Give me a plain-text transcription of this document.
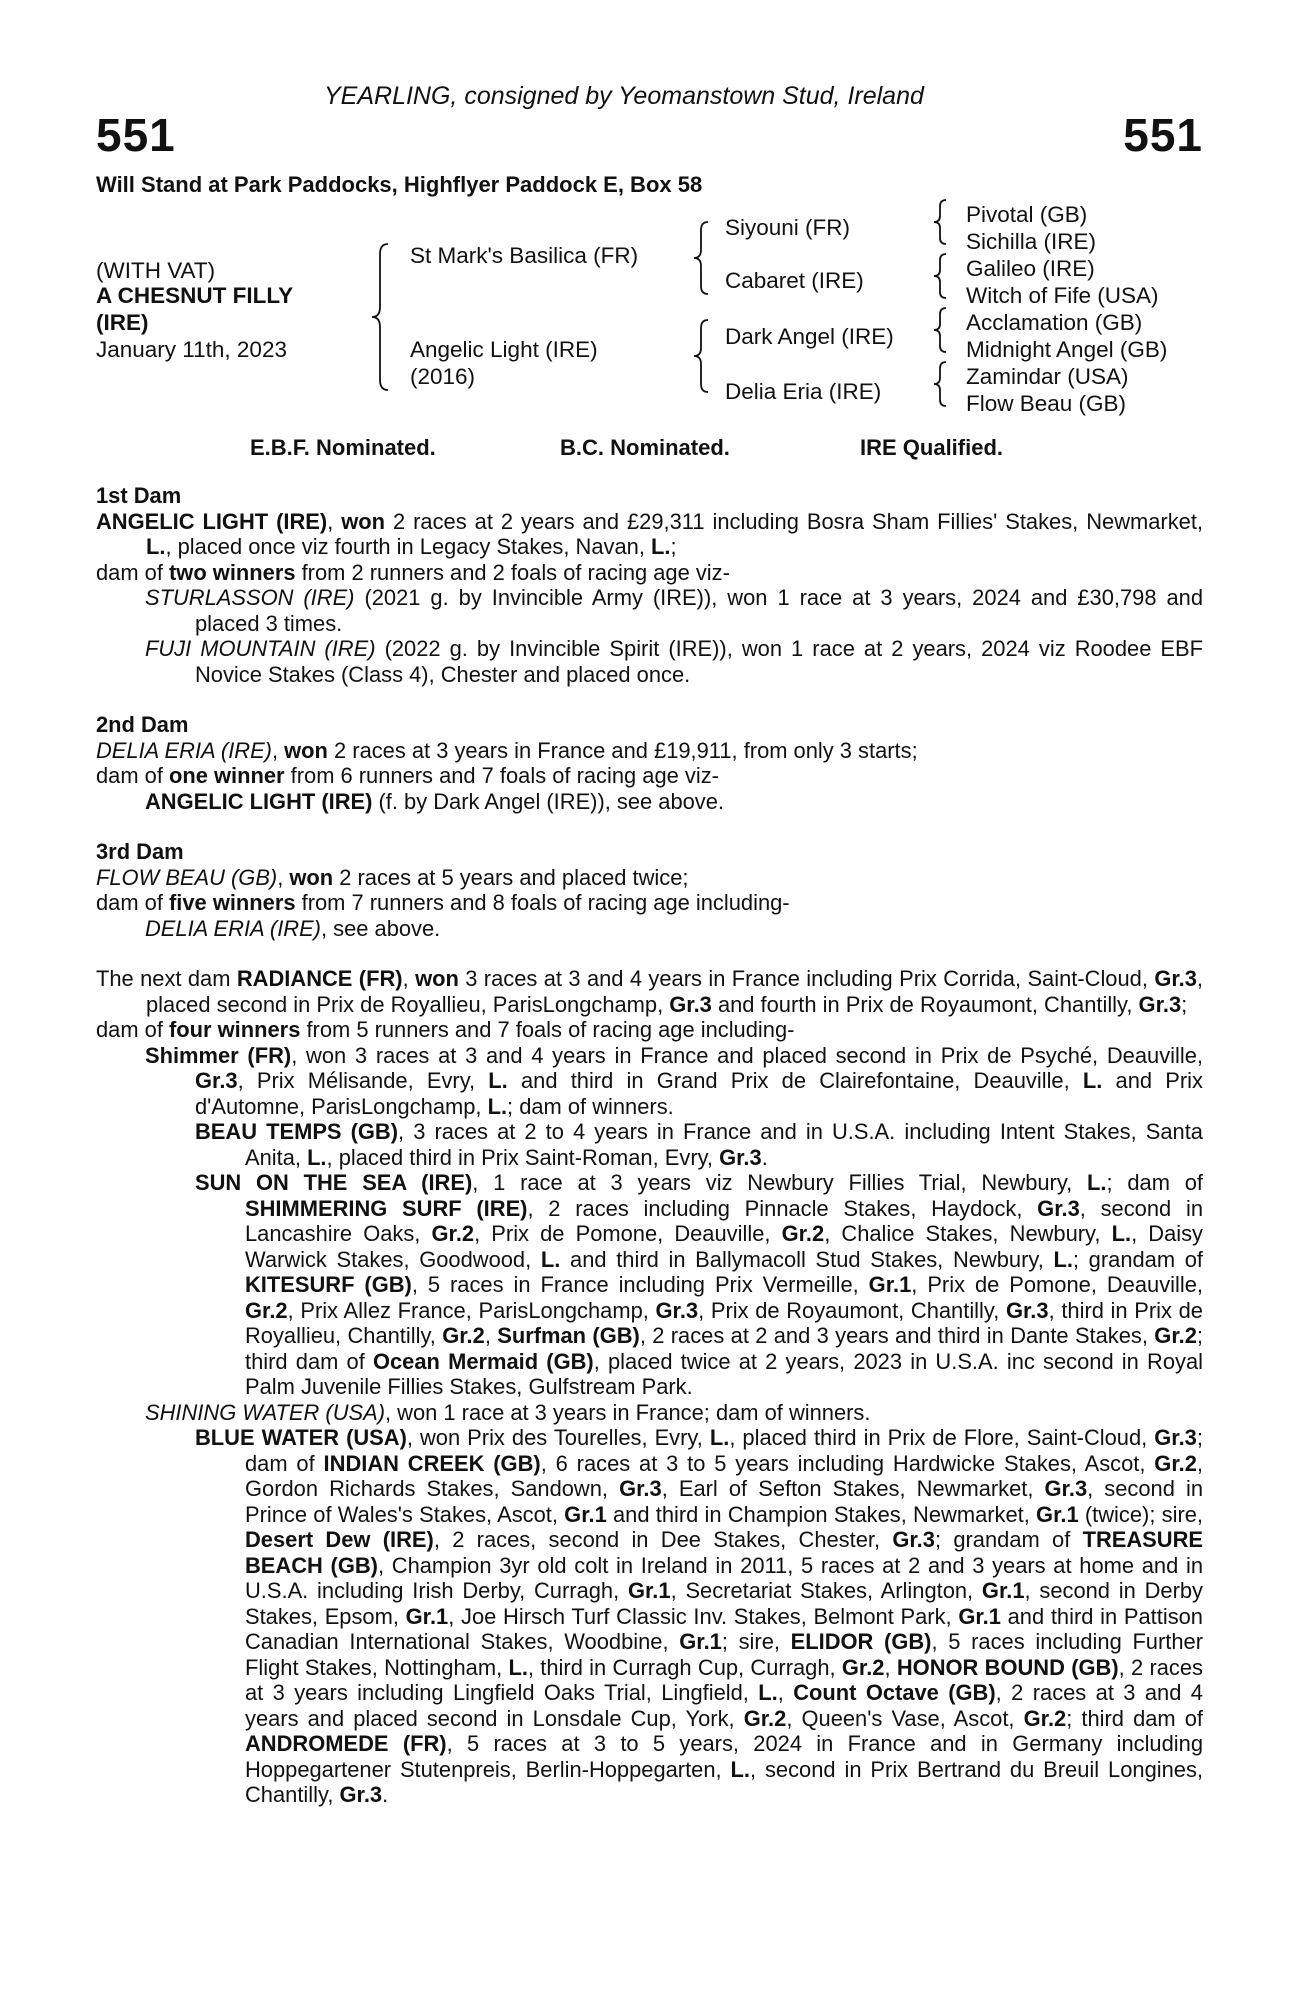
YEARLING, consigned by Yeomanstown Stud, Ireland
551	551
Will Stand at Park Paddocks, Highflyer Paddock E, Box 58
(WITH VAT)
A CHESNUT FILLY
(IRE)
January 11th, 2023
St Mark's Basilica (FR)
Angelic Light (IRE)
(2016)
Siyouni (FR)
Cabaret (IRE)
Dark Angel (IRE)
Delia Eria (IRE)
Pivotal (GB)
Sichilla (IRE)
Galileo (IRE)
Witch of Fife (USA)
Acclamation (GB)
Midnight Angel (GB)
Zamindar (USA)
Flow Beau (GB)
E.B.F. Nominated.	B.C. Nominated.	IRE Qualified.

1st Dam

ANGELIC LIGHT (IRE), won 2 races at 2 years and £29,311 including Bosra Sham Fillies' Stakes, Newmarket, L., placed once viz fourth in Legacy Stakes, Navan, L.;

dam of two winners from 2 runners and 2 foals of racing age viz-

STURLASSON (IRE) (2021 g. by Invincible Army (IRE)), won 1 race at 3 years, 2024 and £30,798 and placed 3 times.

FUJI MOUNTAIN (IRE) (2022 g. by Invincible Spirit (IRE)), won 1 race at 2 years, 2024 viz Roodee EBF Novice Stakes (Class 4), Chester and placed once.

2nd Dam

DELIA ERIA (IRE), won 2 races at 3 years in France and £19,911, from only 3 starts;

dam of one winner from 6 runners and 7 foals of racing age viz-

ANGELIC LIGHT (IRE) (f. by Dark Angel (IRE)), see above.

3rd Dam

FLOW BEAU (GB), won 2 races at 5 years and placed twice;

dam of five winners from 7 runners and 8 foals of racing age including-

DELIA ERIA (IRE), see above.

The next dam RADIANCE (FR), won 3 races at 3 and 4 years in France including Prix Corrida, Saint-Cloud, Gr.3, placed second in Prix de Royallieu, ParisLongchamp, Gr.3 and fourth in Prix de Royaumont, Chantilly, Gr.3;

dam of four winners from 5 runners and 7 foals of racing age including-

Shimmer (FR), won 3 races at 3 and 4 years in France and placed second in Prix de Psyché, Deauville, Gr.3, Prix Mélisande, Evry, L. and third in Grand Prix de Clairefontaine, Deauville, L. and Prix d'Automne, ParisLongchamp, L.; dam of winners.

BEAU TEMPS (GB), 3 races at 2 to 4 years in France and in U.S.A. including Intent Stakes, Santa Anita, L., placed third in Prix Saint-Roman, Evry, Gr.3.

SUN ON THE SEA (IRE), 1 race at 3 years viz Newbury Fillies Trial, Newbury, L.; dam of SHIMMERING SURF (IRE), 2 races including Pinnacle Stakes, Haydock, Gr.3, second in Lancashire Oaks, Gr.2, Prix de Pomone, Deauville, Gr.2, Chalice Stakes, Newbury, L., Daisy Warwick Stakes, Goodwood, L. and third in Ballymacoll Stud Stakes, Newbury, L.; grandam of KITESURF (GB), 5 races in France including Prix Vermeille, Gr.1, Prix de Pomone, Deauville, Gr.2, Prix Allez France, ParisLongchamp, Gr.3, Prix de Royaumont, Chantilly, Gr.3, third in Prix de Royallieu, Chantilly, Gr.2, Surfman (GB), 2 races at 2 and 3 years and third in Dante Stakes, Gr.2; third dam of Ocean Mermaid (GB), placed twice at 2 years, 2023 in U.S.A. inc second in Royal Palm Juvenile Fillies Stakes, Gulfstream Park.

SHINING WATER (USA), won 1 race at 3 years in France; dam of winners.

BLUE WATER (USA), won Prix des Tourelles, Evry, L., placed third in Prix de Flore, Saint-Cloud, Gr.3; dam of INDIAN CREEK (GB), 6 races at 3 to 5 years including Hardwicke Stakes, Ascot, Gr.2, Gordon Richards Stakes, Sandown, Gr.3, Earl of Sefton Stakes, Newmarket, Gr.3, second in Prince of Wales's Stakes, Ascot, Gr.1 and third in Champion Stakes, Newmarket, Gr.1 (twice); sire, Desert Dew (IRE), 2 races, second in Dee Stakes, Chester, Gr.3; grandam of TREASURE BEACH (GB), Champion 3yr old colt in Ireland in 2011, 5 races at 2 and 3 years at home and in U.S.A. including Irish Derby, Curragh, Gr.1, Secretariat Stakes, Arlington, Gr.1, second in Derby Stakes, Epsom, Gr.1, Joe Hirsch Turf Classic Inv. Stakes, Belmont Park, Gr.1 and third in Pattison Canadian International Stakes, Woodbine, Gr.1; sire, ELIDOR (GB), 5 races including Further Flight Stakes, Nottingham, L., third in Curragh Cup, Curragh, Gr.2, HONOR BOUND (GB), 2 races at 3 years including Lingfield Oaks Trial, Lingfield, L., Count Octave (GB), 2 races at 3 and 4 years and placed second in Lonsdale Cup, York, Gr.2, Queen's Vase, Ascot, Gr.2; third dam of ANDROMEDE (FR), 5 races at 3 to 5 years, 2024 in France and in Germany including Hoppegartener Stutenpreis, Berlin-Hoppegarten, L., second in Prix Bertrand du Breuil Longines, Chantilly, Gr.3.
